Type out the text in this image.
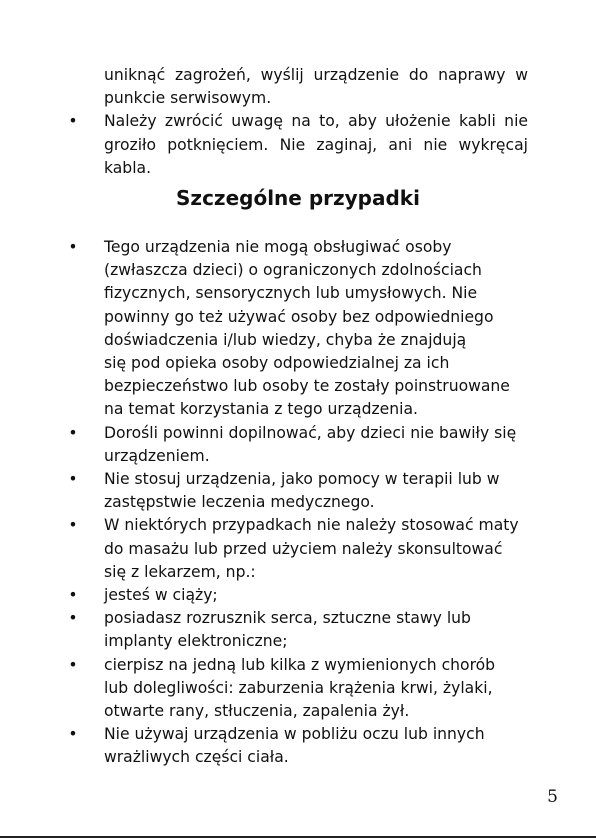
uniknąć zagrożeń, wyślij urządzenie do naprawy w punkcie serwisowym.

• Należy zwrócić uwagę na to, aby ułożenie kabli nie groziło potknięciem. Nie zaginaj, ani nie wykręcaj kabla.

Szczególne przypadki
• Tego urządzenia nie mogą obsługiwać osoby

(zwłaszcza dzieci) o ograniczonych zdolnościach

fizycznych, sensorycznych lub umysłowych. Nie

powinny go też używać osoby bez odpowiedniego

doświadczenia i/lub wiedzy, chyba że znajdują

się pod opieka osoby odpowiedzialnej za ich

bezpieczeństwo lub osoby te zostały poinstruowane

na temat korzystania z tego urządzenia.

• Dorośli powinni dopilnować, aby dzieci nie bawiły się

urządzeniem.

• Nie stosuj urządzenia, jako pomocy w terapii lub w

zastępstwie leczenia medycznego.

• W niektórych przypadkach nie należy stosować maty

do masażu lub przed użyciem należy skonsultować

się z lekarzem, np.:

• jesteś w ciąży;

• posiadasz rozrusznik serca, sztuczne stawy lub

implanty elektroniczne;

• cierpisz na jedną lub kilka z wymienionych chorób

lub dolegliwości: zaburzenia krążenia krwi, żylaki,

otwarte rany, stłuczenia, zapalenia żył.

• Nie używaj urządzenia w pobliżu oczu lub innych

wrażliwych części ciała.

5
